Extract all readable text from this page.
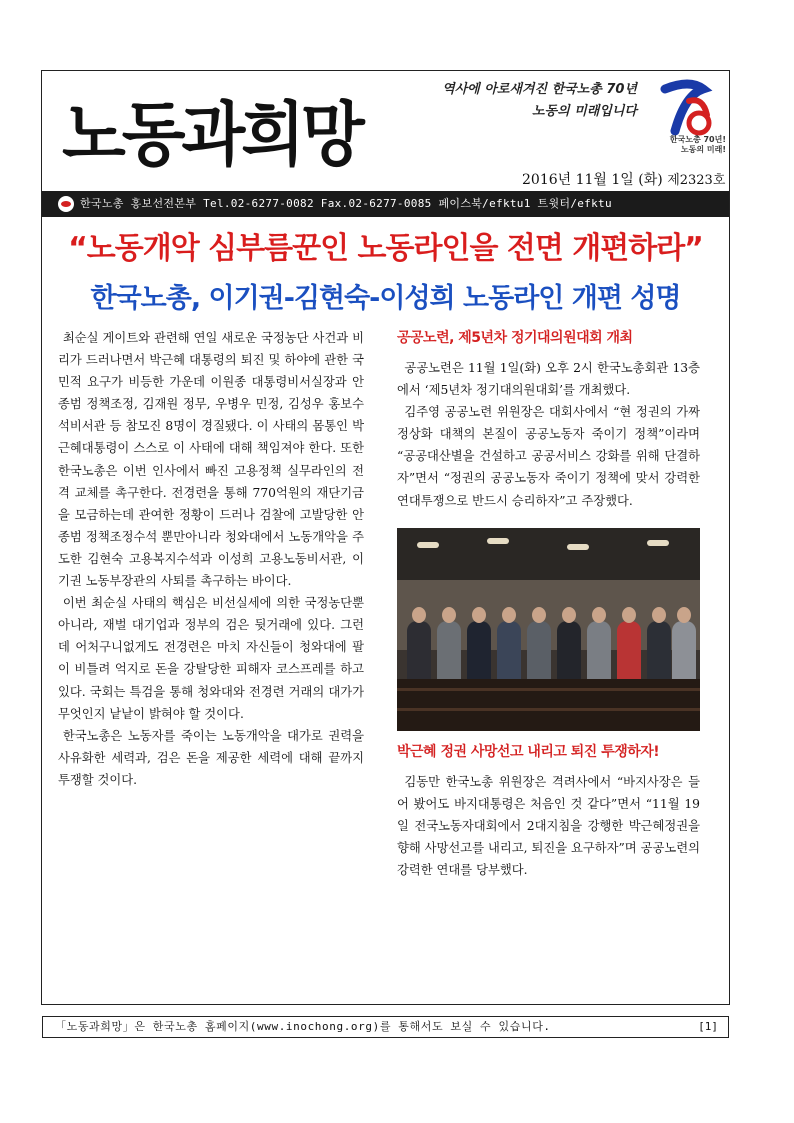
노동과희망
역사에 아로새겨진 한국노총 70년
노동의 미래입니다
한국노총 70년!
노동의 미래!
2016년 11월 1일 (화) 제2323호
한국노총 홍보선전본부 Tel.02-6277-0082 Fax.02-6277-0085 페이스북/efktu1 트윗터/efktu
“노동개악 심부름꾼인 노동라인을 전면 개편하라”
한국노총, 이기권-김현숙-이성희 노동라인 개편 성명

최순실 게이트와 관련해 연일 새로운 국정농단 사건과 비리가 드러나면서 박근혜 대통령의 퇴진 및 하야에 관한 국민적 요구가 비등한 가운데 이원종 대통령비서실장과 안종범 정책조정, 김재원 정무, 우병우 민정, 김성우 홍보수석비서관 등 참모진 8명이 경질됐다. 이 사태의 몸통인 박근혜대통령이 스스로 이 사태에 대해 책임져야 한다. 또한 한국노총은 이번 인사에서 빠진 고용정책 실무라인의 전격 교체를 촉구한다. 전경련을 통해 770억원의 재단기금을 모금하는데 관여한 정황이 드러나 검찰에 고발당한 안종범 정책조정수석 뿐만아니라 청와대에서 노동개악을 주도한 김현숙 고용복지수석과 이성희 고용노동비서관, 이기권 노동부장관의 사퇴를 촉구하는 바이다.

이번 최순실 사태의 핵심은 비선실세에 의한 국정농단뿐 아니라, 재벌 대기업과 정부의 검은 뒷거래에 있다. 그런데 어처구니없게도 전경련은 마치 자신들이 청와대에 팔이 비틀려 억지로 돈을 강탈당한 피해자 코스프레를 하고 있다. 국회는 특검을 통해 청와대와 전경련 거래의 대가가 무엇인지 낱낱이 밝혀야 할 것이다.

한국노총은 노동자를 죽이는 노동개악을 대가로 권력을 사유화한 세력과, 검은 돈을 제공한 세력에 대해 끝까지 투쟁할 것이다.

공공노련, 제5년차 정기대의원대회 개최

공공노련은 11월 1일(화) 오후 2시 한국노총회관 13층에서 ‘제5년차 정기대의원대회’를 개최했다.

김주영 공공노련 위원장은 대회사에서 “현 정권의 가짜 정상화 대책의 본질이 공공노동자 죽이기 정책”이라며 “공공대산별을 건설하고 공공서비스 강화를 위해 단결하자”면서 “정권의 공공노동자 죽이기 정책에 맞서 강력한 연대투쟁으로 반드시 승리하자”고 주장했다.

박근혜 정권 사망선고 내리고 퇴진 투쟁하자!

김동만 한국노총 위원장은 격려사에서 “바지사장은 들어 봤어도 바지대통령은 처음인 것 같다”면서 “11월 19일 전국노동자대회에서 2대지침을 강행한 박근혜정권을 향해 사망선고를 내리고, 퇴진을 요구하자”며 공공노련의 강력한 연대를 당부했다.

「노동과희망」은 한국노총 홈페이지(www.inochong.org)를 통해서도 보실 수 있습니다.	[1]
